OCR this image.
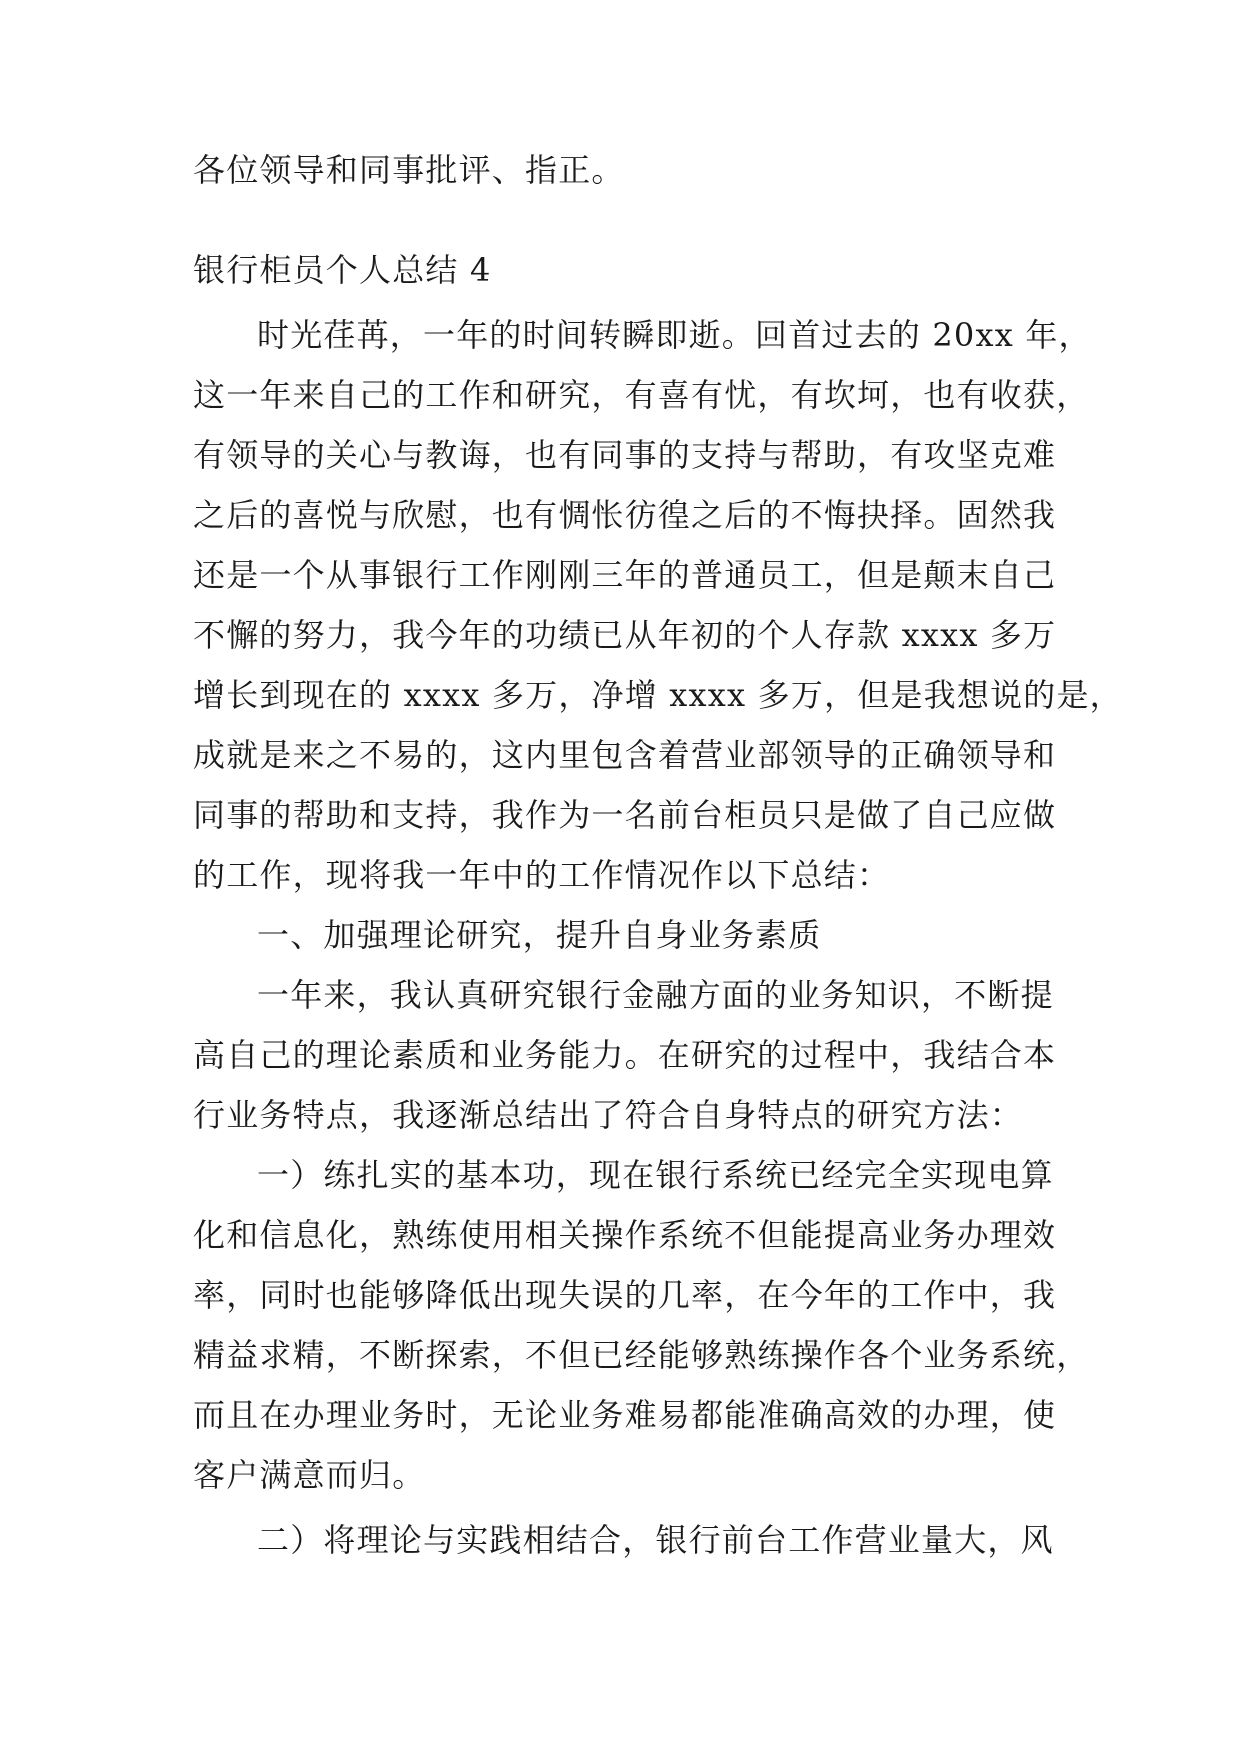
各位领导和同事批评、指正。
银行柜员个人总结 4
时光荏苒，一年的时间转瞬即逝。回首过去的 20xx 年，
这一年来自己的工作和研究，有喜有忧，有坎坷，也有收获，
有领导的关心与教诲，也有同事的支持与帮助，有攻坚克难
之后的喜悦与欣慰，也有惆怅彷徨之后的不悔抉择。固然我
还是一个从事银行工作刚刚三年的普通员工，但是颠末自己
不懈的努力，我今年的功绩已从年初的个人存款 xxxx 多万
增长到现在的 xxxx 多万，净增 xxxx 多万，但是我想说的是，
成就是来之不易的，这内里包含着营业部领导的正确领导和
同事的帮助和支持，我作为一名前台柜员只是做了自己应做
的工作，现将我一年中的工作情况作以下总结：
一、加强理论研究，提升自身业务素质
一年来，我认真研究银行金融方面的业务知识，不断提
高自己的理论素质和业务能力。在研究的过程中，我结合本
行业务特点，我逐渐总结出了符合自身特点的研究方法：
一）练扎实的基本功，现在银行系统已经完全实现电算
化和信息化，熟练使用相关操作系统不但能提高业务办理效
率，同时也能够降低出现失误的几率，在今年的工作中，我
精益求精，不断探索，不但已经能够熟练操作各个业务系统，
而且在办理业务时，无论业务难易都能准确高效的办理，使
客户满意而归。
二）将理论与实践相结合，银行前台工作营业量大，风
